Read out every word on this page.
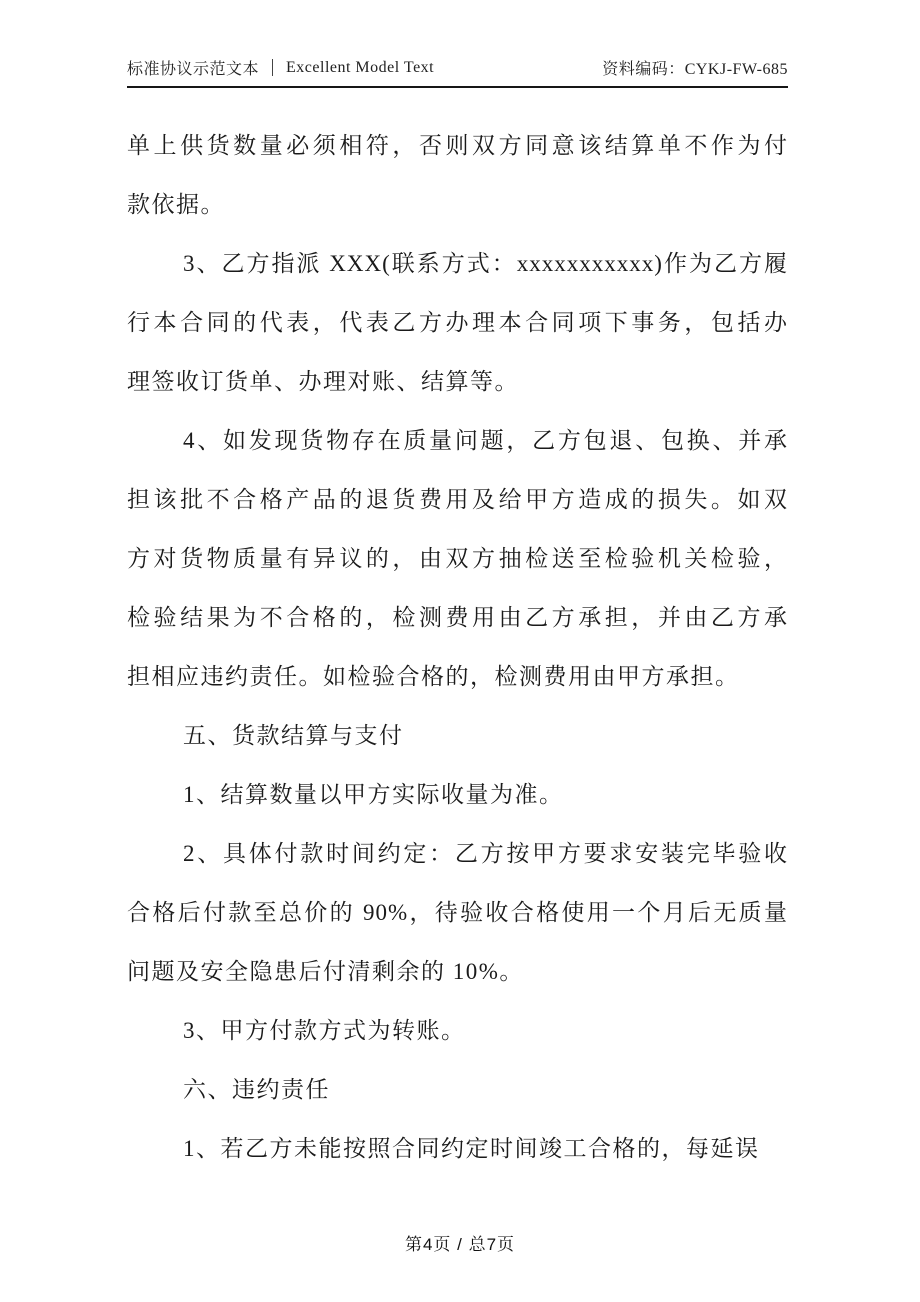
标准协议示范文本 Excellent Model Text	资料编码：CYKJ-FW-685
单上供货数量必须相符，否则双方同意该结算单不作为付
款依据。
3、乙方指派 XXX(联系方式：xxxxxxxxxxx)作为乙方履
行本合同的代表，代表乙方办理本合同项下事务，包括办
理签收订货单、办理对账、结算等。
4、如发现货物存在质量问题，乙方包退、包换、并承
担该批不合格产品的退货费用及给甲方造成的损失。如双
方对货物质量有异议的，由双方抽检送至检验机关检验，
检验结果为不合格的，检测费用由乙方承担，并由乙方承
担相应违约责任。如检验合格的，检测费用由甲方承担。
五、货款结算与支付
1、结算数量以甲方实际收量为准。
2、具体付款时间约定：乙方按甲方要求安装完毕验收
合格后付款至总价的 90%，待验收合格使用一个月后无质量
问题及安全隐患后付清剩余的 10%。
3、甲方付款方式为转账。
六、违约责任
1、若乙方未能按照合同约定时间竣工合格的，每延误
第4页 / 总7页
